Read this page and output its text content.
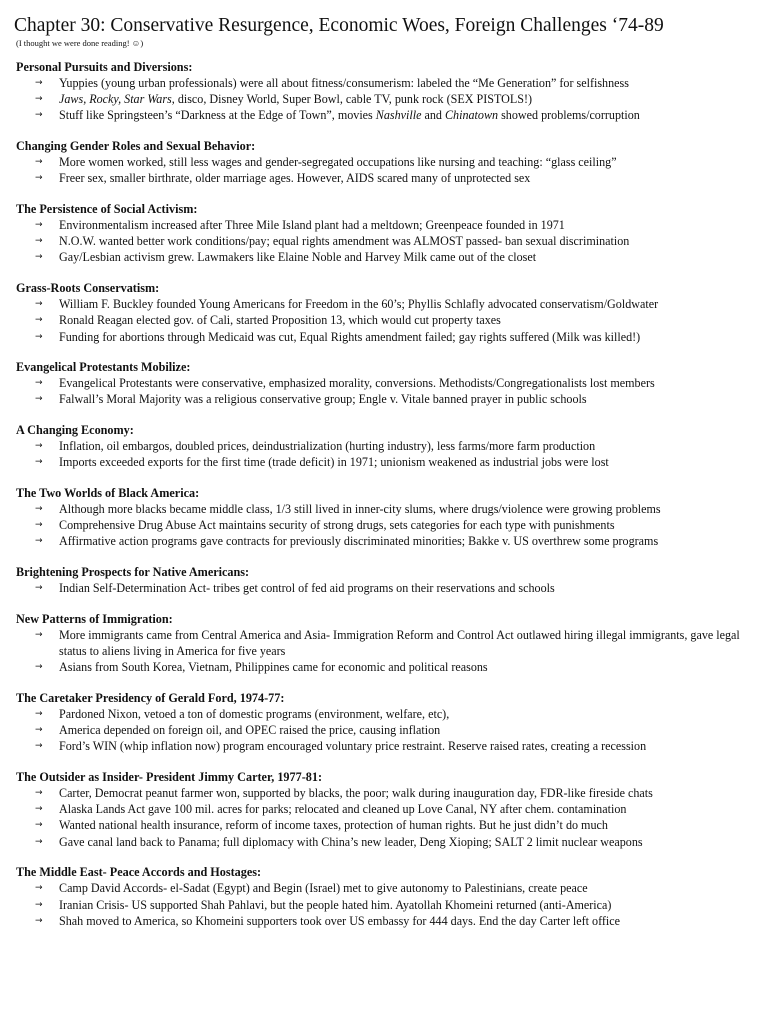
Chapter 30: Conservative Resurgence, Economic Woes, Foreign Challenges ‘74-89

(I thought we were done reading! ☺)

Personal Pursuits and Diversions:
→ Yuppies (young urban professionals) were all about fitness/consumerism: labeled the “Me Generation” for selfishness
→ Jaws, Rocky, Star Wars, disco, Disney World, Super Bowl, cable TV, punk rock (SEX PISTOLS!)
→ Stuff like Springsteen’s “Darkness at the Edge of Town”, movies Nashville and Chinatown showed problems/corruption
Changing Gender Roles and Sexual Behavior:
→ More women worked, still less wages and gender-segregated occupations like nursing and teaching: “glass ceiling”
→ Freer sex, smaller birthrate, older marriage ages. However, AIDS scared many of unprotected sex
The Persistence of Social Activism:
→ Environmentalism increased after Three Mile Island plant had a meltdown; Greenpeace founded in 1971
→ N.O.W. wanted better work conditions/pay; equal rights amendment was ALMOST passed- ban sexual discrimination
→ Gay/Lesbian activism grew. Lawmakers like Elaine Noble and Harvey Milk came out of the closet
Grass-Roots Conservatism:
→ William F. Buckley founded Young Americans for Freedom in the 60’s; Phyllis Schlafly advocated conservatism/Goldwater
→ Ronald Reagan elected gov. of Cali, started Proposition 13, which would cut property taxes
→ Funding for abortions through Medicaid was cut, Equal Rights amendment failed; gay rights suffered (Milk was killed!)
Evangelical Protestants Mobilize:
→ Evangelical Protestants were conservative, emphasized morality, conversions. Methodists/Congregationalists lost members
→ Falwall’s Moral Majority was a religious conservative group; Engle v. Vitale banned prayer in public schools
A Changing Economy:
→ Inflation, oil embargos, doubled prices, deindustrialization (hurting industry), less farms/more farm production
→ Imports exceeded exports for the first time (trade deficit) in 1971; unionism weakened as industrial jobs were lost
The Two Worlds of Black America:
→ Although more blacks became middle class, 1/3 still lived in inner-city slums, where drugs/violence were growing problems
→ Comprehensive Drug Abuse Act maintains security of strong drugs, sets categories for each type with punishments
→ Affirmative action programs gave contracts for previously discriminated minorities; Bakke v. US overthrew some programs
Brightening Prospects for Native Americans:
→ Indian Self-Determination Act- tribes get control of fed aid programs on their reservations and schools
New Patterns of Immigration:
→ More immigrants came from Central America and Asia- Immigration Reform and Control Act outlawed hiring illegal immigrants, gave legal status to aliens living in America for five years
→ Asians from South Korea, Vietnam, Philippines came for economic and political reasons
The Caretaker Presidency of Gerald Ford, 1974-77:
→ Pardoned Nixon, vetoed a ton of domestic programs (environment, welfare, etc),
→ America depended on foreign oil, and OPEC raised the price, causing inflation
→ Ford’s WIN (whip inflation now) program encouraged voluntary price restraint. Reserve raised rates, creating a recession
The Outsider as Insider- President Jimmy Carter, 1977-81:
→ Carter, Democrat peanut farmer won, supported by blacks, the poor; walk during inauguration day, FDR-like fireside chats
→ Alaska Lands Act gave 100 mil. acres for parks; relocated and cleaned up Love Canal, NY after chem. contamination
→ Wanted national health insurance, reform of income taxes, protection of human rights. But he just didn’t do much
→ Gave canal land back to Panama; full diplomacy with China’s new leader, Deng Xioping; SALT 2 limit nuclear weapons
The Middle East- Peace Accords and Hostages:
→ Camp David Accords- el-Sadat (Egypt) and Begin (Israel) met to give autonomy to Palestinians, create peace
→ Iranian Crisis- US supported Shah Pahlavi, but the people hated him. Ayatollah Khomeini returned (anti-America)
→ Shah moved to America, so Khomeini supporters took over US embassy for 444 days. End the day Carter left office
